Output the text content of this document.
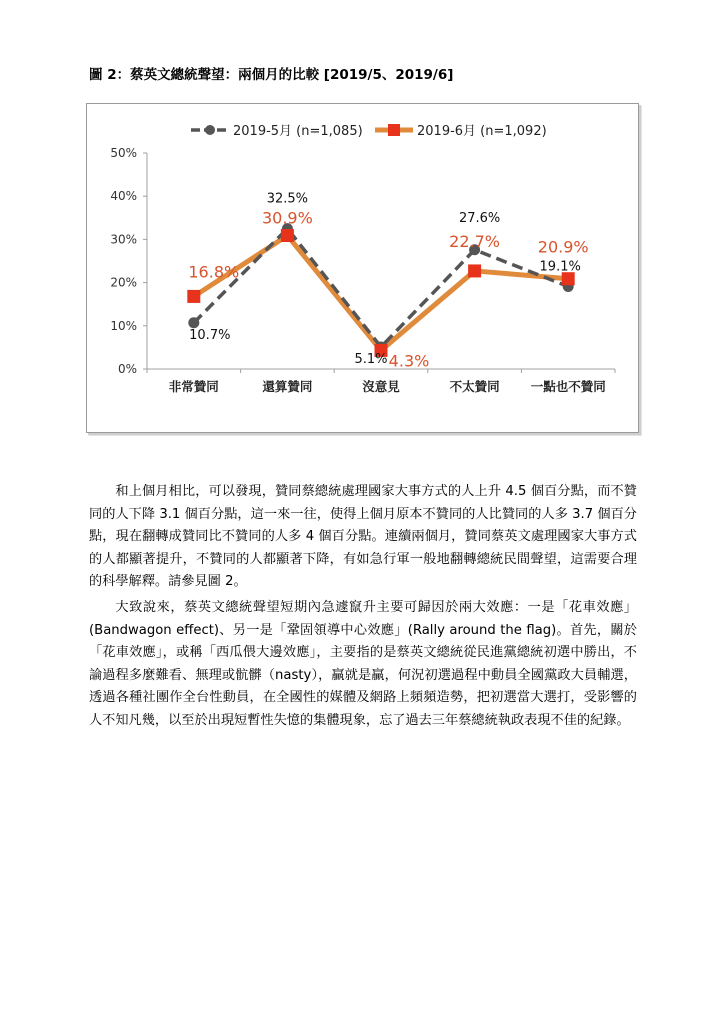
圖 2：蔡英文總統聲望：兩個月的比較 [2019/5、2019/6]
0%
10%
20%
30%
40%
50%
非常贊同	還算贊同	沒意見	不太贊同 一點也不贊同
10.7%
32.5%
5.1%
27.6%
19.1%
16.8%
30.9%
4.3%
22.7% 20.9%
2019-5月 (n=1,085)	2019-6月 (n=1,092)

和上個月相比，可以發現，贊同蔡總統處理國家大事方式的人上升 4.5 個百分點，而不贊同的人下降 3.1 個百分點，這一來一往，使得上個月原本不贊同的人比贊同的人多 3.7 個百分點，現在翻轉成贊同比不贊同的人多 4 個百分點。連續兩個月，贊同蔡英文處理國家大事方式的人都顯著提升，不贊同的人都顯著下降，有如急行軍一般地翻轉總統民間聲望，這需要合理的科學解釋。請參見圖 2。

大致說來，蔡英文總統聲望短期內急遽竄升主要可歸因於兩大效應：一是「花車效應」(Bandwagon effect)、另一是「鞏固領導中心效應」(Rally around the flag)。首先，關於「花車效應」，或稱「西瓜偎大邊效應」，主要指的是蔡英文總統從民進黨總統初選中勝出，不論過程多麼難看、無理或骯髒（nasty），贏就是贏，何況初選過程中動員全國黨政大員輔選，透過各種社團作全台性動員，在全國性的媒體及網路上頻頻造勢，把初選當大選打，受影響的人不知凡幾，以至於出現短暫性失憶的集體現象，忘了過去三年蔡總統執政表現不佳的紀錄。
